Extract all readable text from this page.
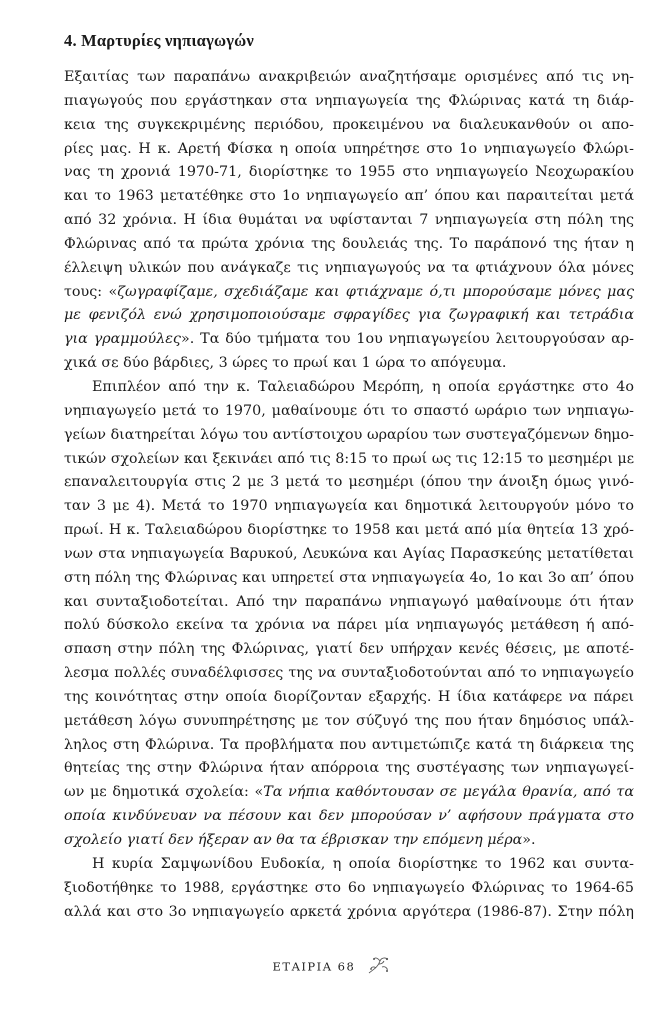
4. Μαρτυρίες νηπιαγωγών
Εξαιτίας των παραπάνω ανακριβειών αναζητήσαμε ορισμένες από τις νη-
πιαγωγούς που εργάστηκαν στα νηπιαγωγεία της Φλώρινας κατά τη διάρ-
κεια της συγκεκριμένης περιόδου, προκειμένου να διαλευκανθούν οι απο-
ρίες μας. Η κ. Αρετή Φίσκα η οποία υπηρέτησε στο 1ο νηπιαγωγείο Φλώρι-
νας τη χρονιά 1970-71, διορίστηκε το 1955 στο νηπιαγωγείο Νεοχωρακίου
και το 1963 μετατέθηκε στο 1ο νηπιαγωγείο απ’ όπου και παραιτείται μετά
από 32 χρόνια. Η ίδια θυμάται να υφίστανται 7 νηπιαγωγεία στη πόλη της
Φλώρινας από τα πρώτα χρόνια της δουλειάς της. Το παράπονό της ήταν η
έλλειψη υλικών που ανάγκαζε τις νηπιαγωγούς να τα φτιάχνουν όλα μόνες
τους: «ζωγραφίζαμε, σχεδιάζαμε και φτιάχναμε ό,τι μπορούσαμε μόνες μας
με φενιζόλ ενώ χρησιμοποιούσαμε σφραγίδες για ζωγραφική και τετράδια
για γραμμούλες». Τα δύο τμήματα του 1ου νηπιαγωγείου λειτουργούσαν αρ-
χικά σε δύο βάρδιες, 3 ώρες το πρωί και 1 ώρα το απόγευμα.
Επιπλέον από την κ. Ταλειαδώρου Μερόπη, η οποία εργάστηκε στο 4ο
νηπιαγωγείο μετά το 1970, μαθαίνουμε ότι το σπαστό ωράριο των νηπιαγω-
γείων διατηρείται λόγω του αντίστοιχου ωραρίου των συστεγαζόμενων δημο-
τικών σχολείων και ξεκινάει από τις 8:15 το πρωί ως τις 12:15 το μεσημέρι με
επαναλειτουργία στις 2 με 3 μετά το μεσημέρι (όπου την άνοιξη όμως γινό-
ταν 3 με 4). Μετά το 1970 νηπιαγωγεία και δημοτικά λειτουργούν μόνο το
πρωί. Η κ. Ταλειαδώρου διορίστηκε το 1958 και μετά από μία θητεία 13 χρό-
νων στα νηπιαγωγεία Βαρυκού, Λευκώνα και Αγίας Παρασκεύης μετατίθεται
στη πόλη της Φλώρινας και υπηρετεί στα νηπιαγωγεία 4ο, 1ο και 3ο απ’ όπου
και συνταξιοδοτείται. Από την παραπάνω νηπιαγωγό μαθαίνουμε ότι ήταν
πολύ δύσκολο εκείνα τα χρόνια να πάρει μία νηπιαγωγός μετάθεση ή από-
σπαση στην πόλη της Φλώρινας, γιατί δεν υπήρχαν κενές θέσεις, με αποτέ-
λεσμα πολλές συναδέλφισσες της να συνταξιοδοτούνται από το νηπιαγωγείο
της κοινότητας στην οποία διορίζονταν εξαρχής. Η ίδια κατάφερε να πάρει
μετάθεση λόγω συνυπηρέτησης με τον σύζυγό της που ήταν δημόσιος υπάλ-
ληλος στη Φλώρινα. Τα προβλήματα που αντιμετώπιζε κατά τη διάρκεια της
θητείας της στην Φλώρινα ήταν απόρροια της συστέγασης των νηπιαγωγεί-
ων με δημοτικά σχολεία: «Τα νήπια καθόντουσαν σε μεγάλα θρανία, από τα
οποία κινδύνευαν να πέσουν και δεν μπορούσαν ν’ αφήσουν πράγματα στο
σχολείο γιατί δεν ήξεραν αν θα τα έβρισκαν την επόμενη μέρα».
Η κυρία Σαμψωνίδου Ευδοκία, η οποία διορίστηκε το 1962 και συντα-
ξιοδοτήθηκε το 1988, εργάστηκε στο 6ο νηπιαγωγείο Φλώρινας το 1964-65
αλλά και στο 3ο νηπιαγωγείο αρκετά χρόνια αργότερα (1986-87). Στην πόλη
ΕΤΑΙΡΙΑ 68
